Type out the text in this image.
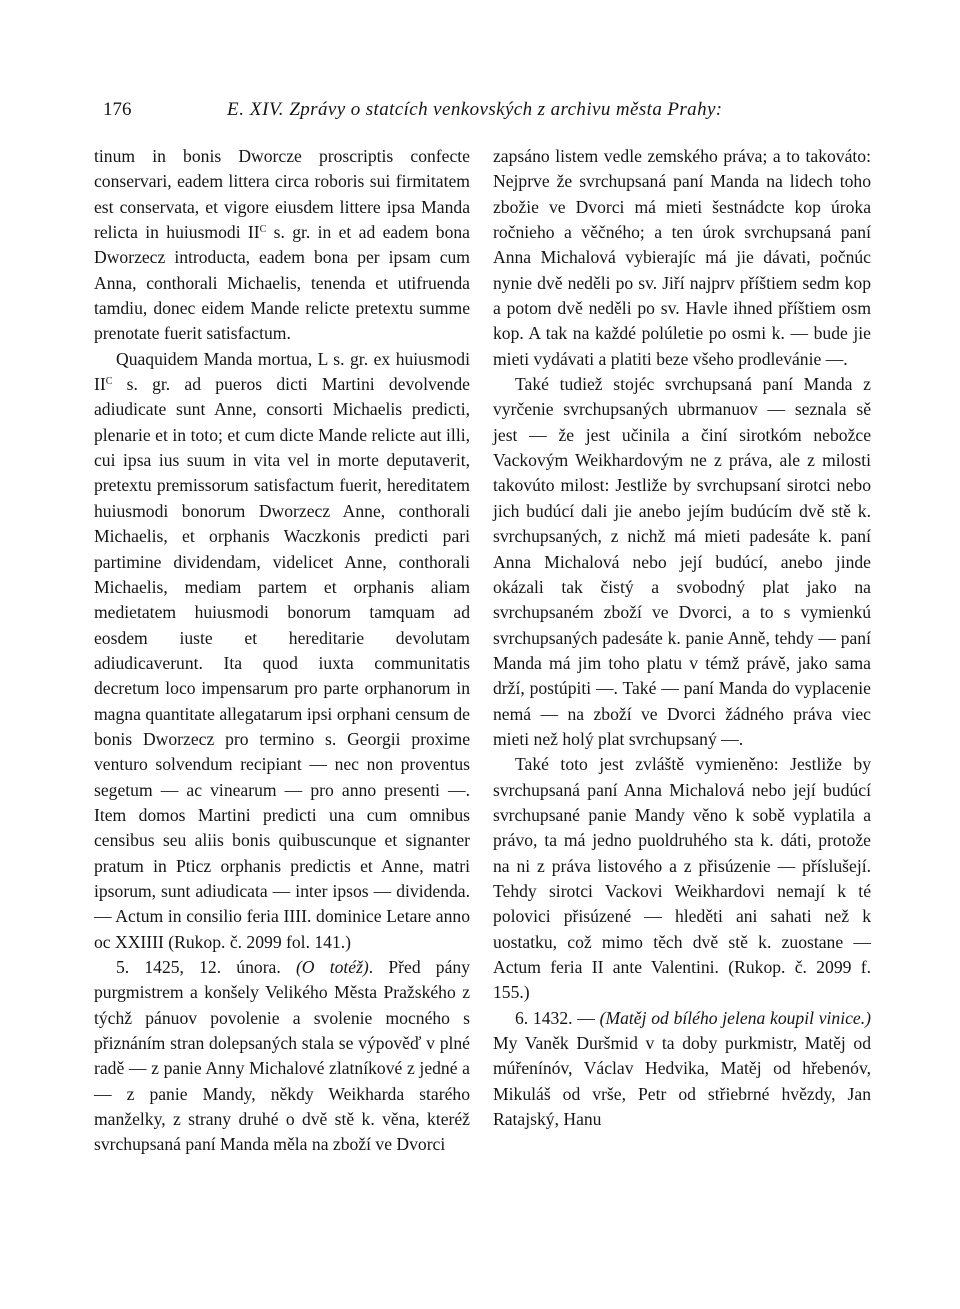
176	E. XIV. Zprávy o statcích venkovských z archivu města Prahy:

tinum in bonis Dworcze proscriptis confecte conservari, eadem littera circa roboris sui firmitatem est conservata, et vigore eiusdem littere ipsa Manda relicta in huiusmodi $II^C$ s. gr. in et ad eadem bona Dworzecz introducta, eadem bona per ipsam cum Anna, conthorali Michaelis, tenenda et utifruenda tamdiu, donec eidem Mande relicte pretextu summe prenotate fuerit satisfactum.

Quaquidem Manda mortua, L s. gr. ex huiusmodi $II^C$ s. gr. ad pueros dicti Martini devolvende adiudicate sunt Anne, consorti Michaelis predicti, plenarie et in toto; et cum dicte Mande relicte aut illi, cui ipsa ius suum in vita vel in morte deputaverit, pretextu premissorum satisfactum fuerit, hereditatem huiusmodi bonorum Dworzecz Anne, conthorali Michaelis, et orphanis Waczkonis predicti pari partimine dividendam, videlicet Anne, conthorali Michaelis, mediam partem et orphanis aliam medietatem huiusmodi bonorum tamquam ad eosdem iuste et hereditarie devolutam adiudicaverunt. Ita quod iuxta communitatis decretum loco impensarum pro parte orphanorum in magna quantitate allegatarum ipsi orphani censum de bonis Dworzecz pro termino s. Georgii proxime venturo solvendum recipiant — nec non proventus segetum — ac vinearum — pro anno presenti —. Item domos Martini predicti una cum omnibus censibus seu aliis bonis quibuscunque et signanter pratum in Pticz orphanis predictis et Anne, matri ipsorum, sunt adiudicata — inter ipsos — dividenda. — Actum in consilio feria IIII. dominice Letare anno oc XXIIII (Rukop. č. 2099 fol. 141.)

5. 1425, 12. února. (O totéž). Před pány purgmistrem a konšely Velikého Města Pražského z týchž pánuov povolenie a svolenie mocného s přiznáním stran dolepsaných stala se výpověď v plné radě — z panie Anny Michalové zlatníkové z jedné a — z panie Mandy, někdy Weikharda starého manželky, z strany druhé o dvě stě k. věna, kteréž svrchupsaná paní Manda měla na zboží ve Dvorci

zapsáno listem vedle zemského práva; a to takováto: Nejprve že svrchupsaná paní Manda na lidech toho zbožie ve Dvorci má mieti šestnádcte kop úroka ročnieho a věčného; a ten úrok svrchupsaná paní Anna Michalová vybierajíc má jie dávati, počnúc nynie dvě neděli po sv. Jiří najprv příštiem sedm kop a potom dvě neděli po sv. Havle ihned příštiem osm kop. A tak na každé polúletie po osmi k. — bude jie mieti vydávati a platiti beze všeho prodlevánie —.

Také tudiež stojéc svrchupsaná paní Manda z vyrčenie svrchupsaných ubrmanuov — seznala sě jest — že jest učinila a činí sirotkóm nebožce Vackovým Weikhardovým ne z práva, ale z milosti takovúto milost: Jestliže by svrchupsaní sirotci nebo jich budúcí dali jie anebo jejím budúcím dvě stě k. svrchupsaných, z nichž má mieti padesáte k. paní Anna Michalová nebo její budúcí, anebo jinde okázali tak čistý a svobodný plat jako na svrchupsaném zboží ve Dvorci, a to s vymienkú svrchupsaných padesáte k. panie Anně, tehdy — paní Manda má jim toho platu v témž právě, jako sama drží, postúpiti —. Také — paní Manda do vyplacenie nemá — na zboží ve Dvorci žádného práva viec mieti než holý plat svrchupsaný —.

Také toto jest zvláště vymieněno: Jestliže by svrchupsaná paní Anna Michalová nebo její budúcí svrchupsané panie Mandy věno k sobě vyplatila a právo, ta má jedno puoldruhého sta k. dáti, protože na ni z práva listového a z přisúzenie — příslušejí. Tehdy sirotci Vackovi Weikhardovi nemají k té polovici přisúzené — hleděti ani sahati než k uostatku, což mimo těch dvě stě k. zuostane — Actum feria II ante Valentini. (Rukop. č. 2099 f. 155.)

6. 1432. — (Matěj od bílého jelena koupil vinice.) My Vaněk Duršmid v ta doby purkmistr, Matěj od múřenínóv, Václav Hedvika, Matěj od hřebenóv, Mikuláš od vrše, Petr od střiebrné hvězdy, Jan Ratajský, Hanu
